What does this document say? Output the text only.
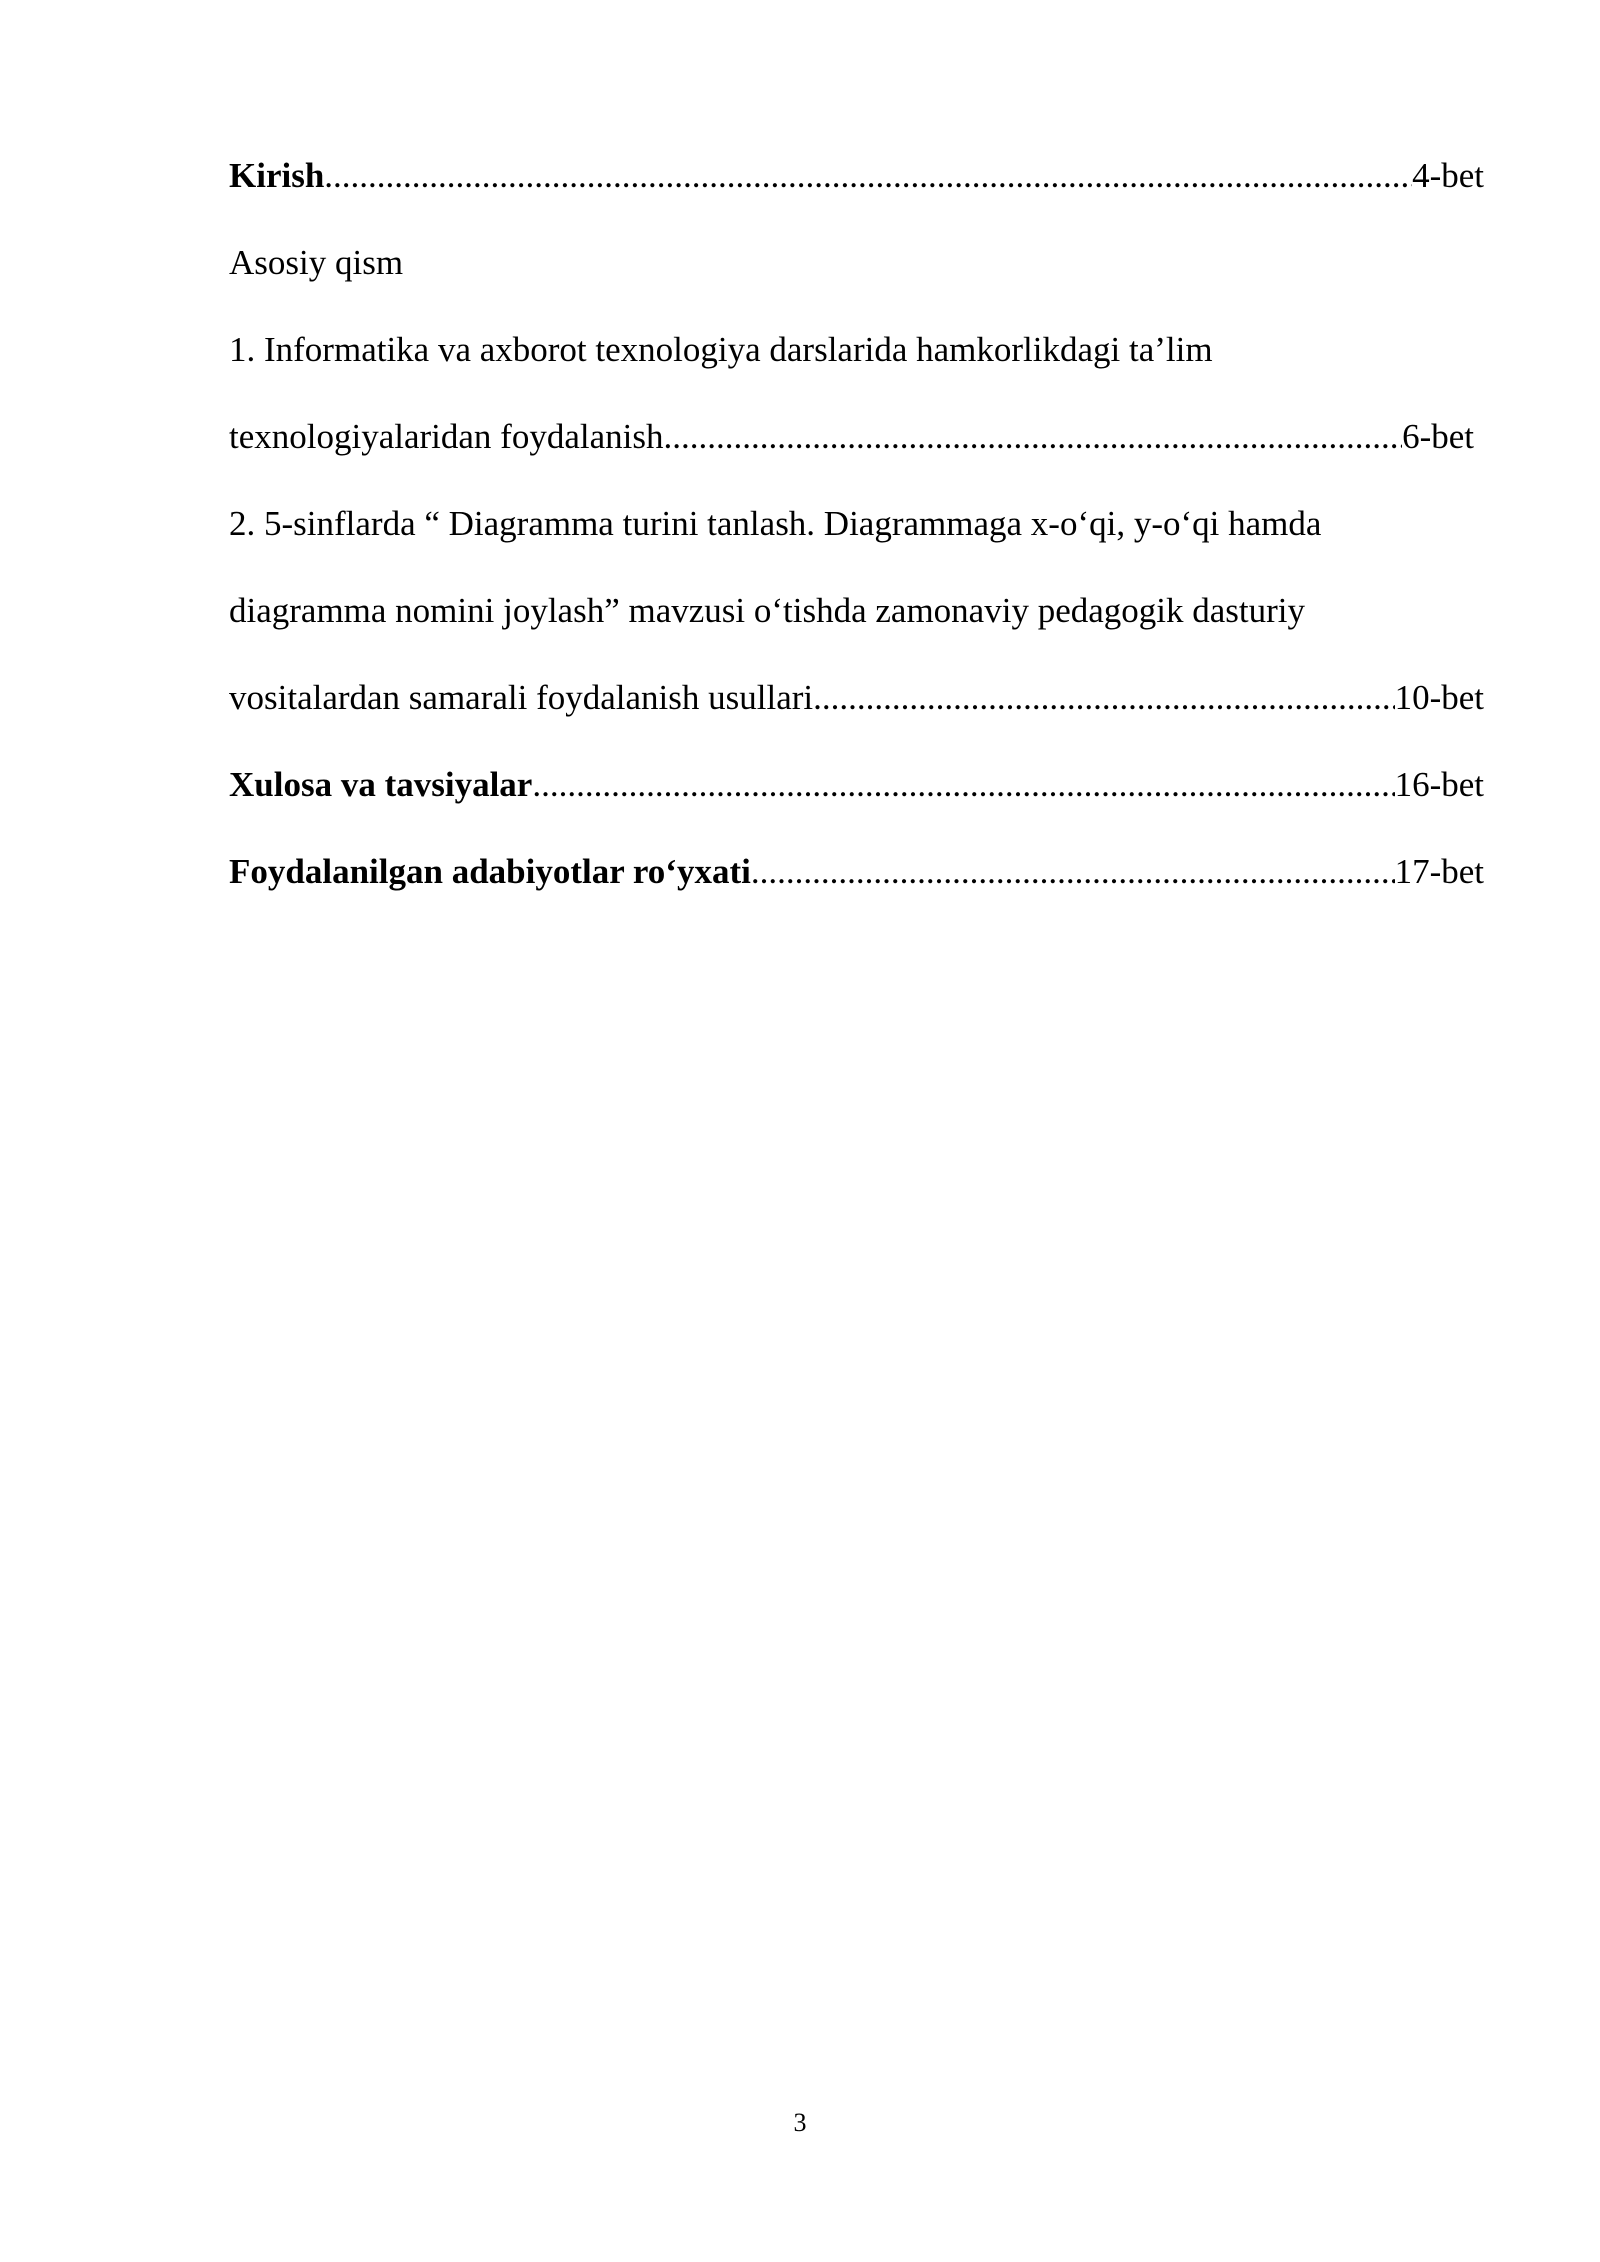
Kirish .....	4-bet
Asosiy qism
1. Informatika va axborot texnologiya darslarida hamkorlikdagi ta’lim
texnologiyalaridan foydalanish .....	6-bet
2. 5-sinflarda “ Diagramma turini tanlash. Diagrammaga x-o‘qi, y-o‘qi hamda
diagramma nomini joylash” mavzusi o‘tishda zamonaviy pedagogik dasturiy
vositalardan samarali foydalanish usullari .....	10-bet
Xulosa va tavsiyalar .....	16-bet
Foydalanilgan adabiyotlar ro‘yxati .....	17-bet
3
